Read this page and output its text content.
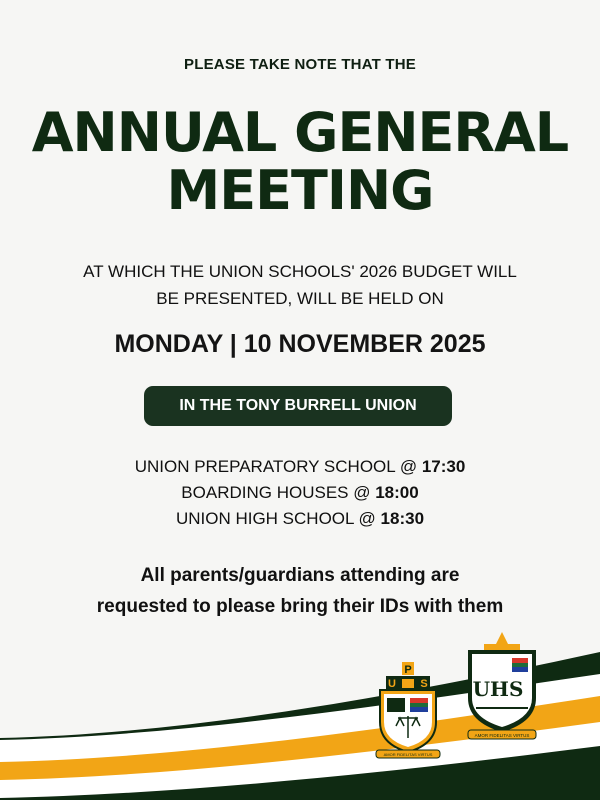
PLEASE TAKE NOTE THAT THE
ANNUAL GENERAL
MEETING
AT WHICH THE UNION SCHOOLS' 2026 BUDGET WILL
BE PRESENTED, WILL BE HELD ON
MONDAY | 10 NOVEMBER 2025
IN THE TONY BURRELL UNION
UNION PREPARATORY SCHOOL @ 17:30
BOARDING HOUSES @ 18:00
UNION HIGH SCHOOL @ 18:30
All parents/guardians attending are
requested to please bring their IDs with them
P
U S
AMOR FIDELITAS VIRTUS
UHS
AMOR FIDELITAS VIRTUS
